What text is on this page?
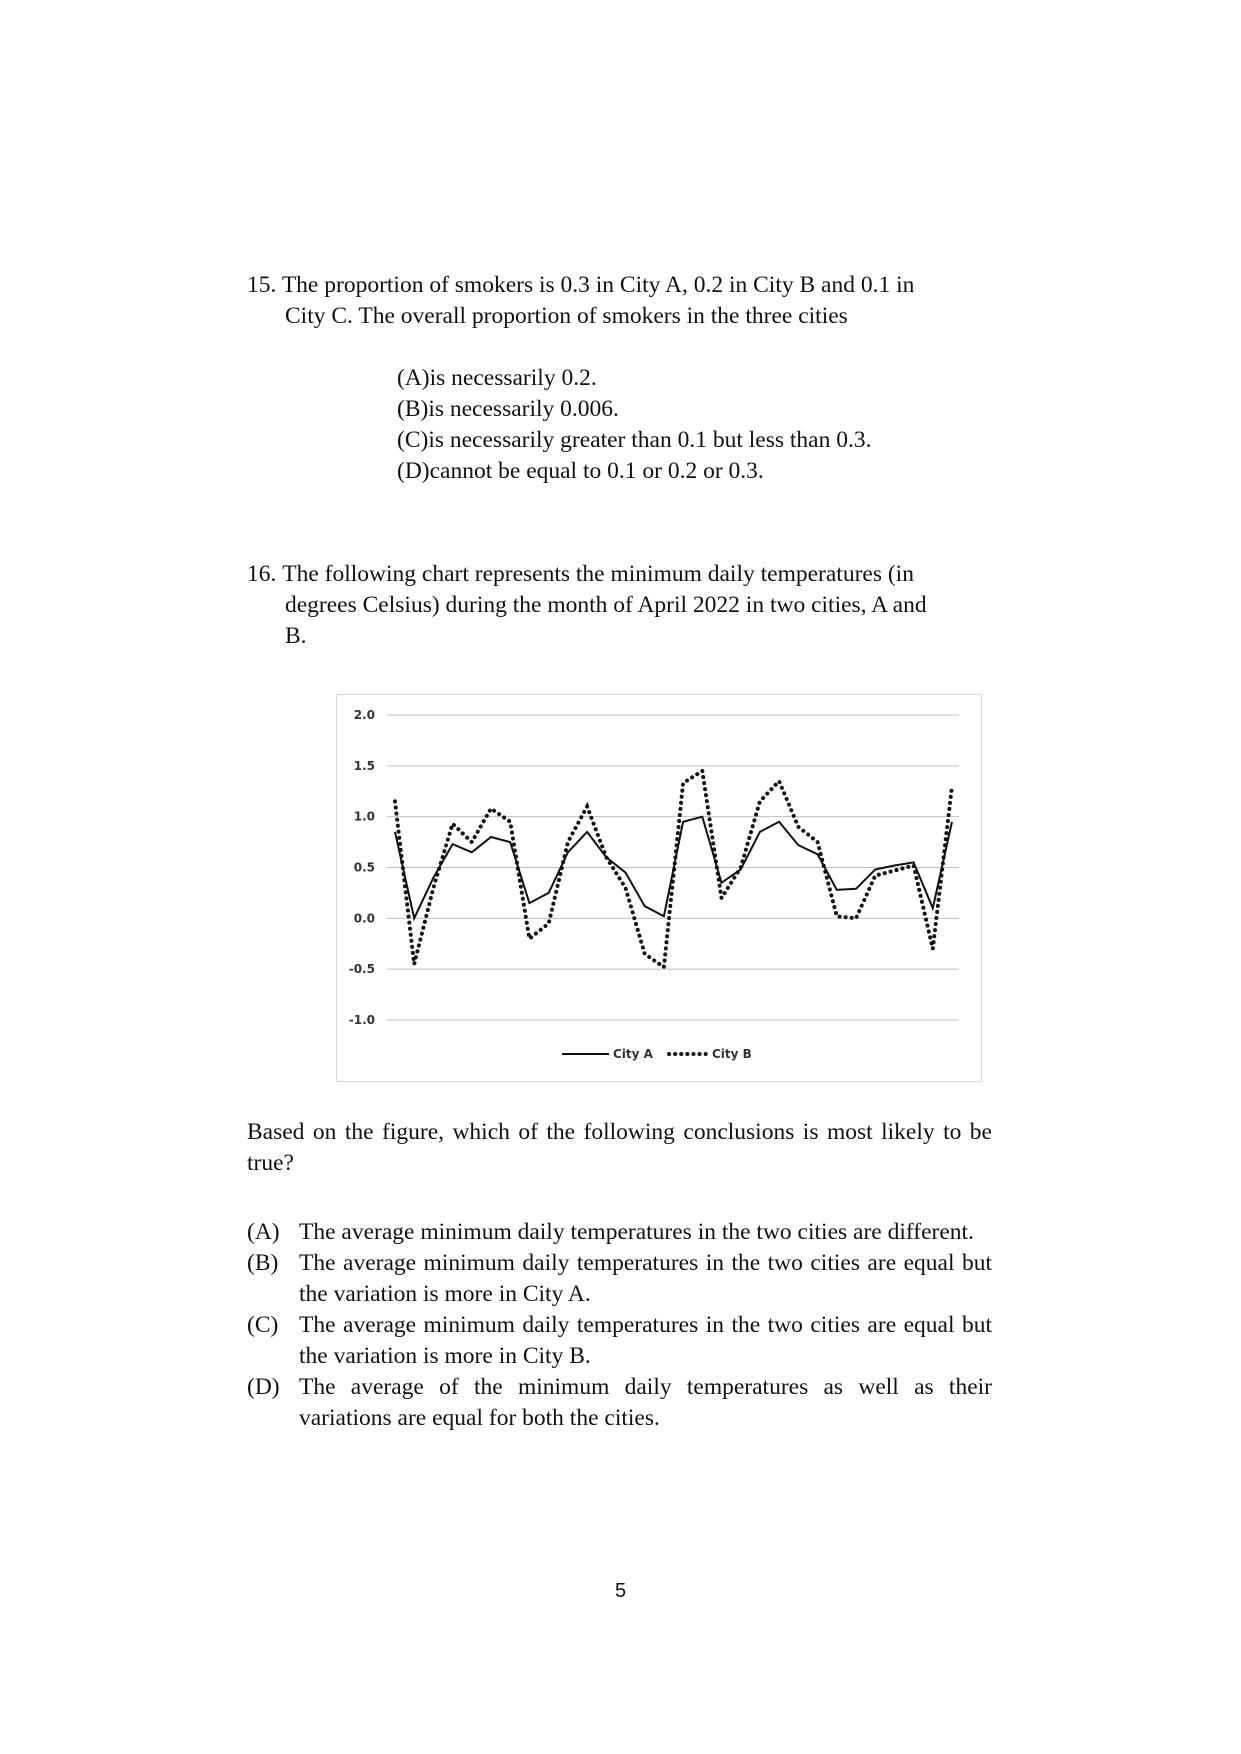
15. The proportion of smokers is 0.3 in City A, 0.2 in City B and 0.1 in
City C. The overall proportion of smokers in the three cities
(A)is necessarily 0.2.
(B)is necessarily 0.006.
(C)is necessarily greater than 0.1 but less than 0.3.
(D)cannot be equal to 0.1 or 0.2 or 0.3.
16. The following chart represents the minimum daily temperatures (in
degrees Celsius) during the month of April 2022 in two cities, A and
B.
2.0
1.5
1.0
0.5
0.0
-0.5
-1.0
City A	City B
Based on the figure, which of the following conclusions is most likely to be true?
(A) The average minimum daily temperatures in the two cities are different.
(B) The average minimum daily temperatures in the two cities are equal but the variation is more in City A.
(C) The average minimum daily temperatures in the two cities are equal but the variation is more in City B.
(D) The average of the minimum daily temperatures as well as their variations are equal for both the cities.
5
